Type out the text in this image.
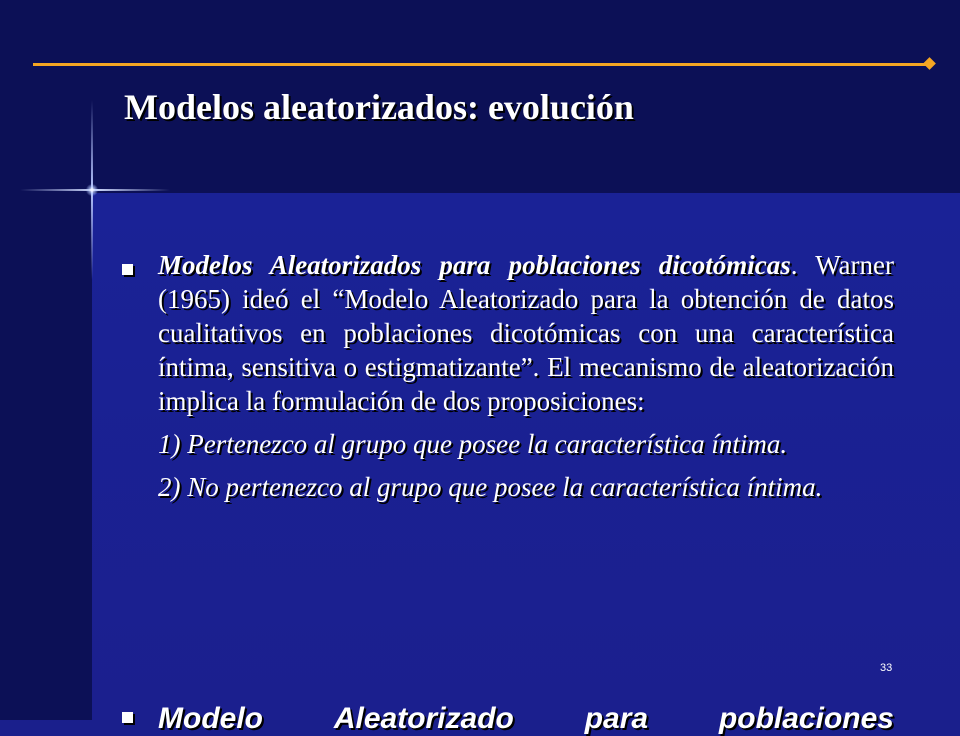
Modelos aleatorizados: evolución

Modelos Aleatorizados para poblaciones dicotómicas. Warner (1965) ideó el “Modelo Aleatorizado para la obtención de datos cualitativos en poblaciones dicotómicas con una característica íntima, sensitiva o estigmatizante”. El mecanismo de aleatorización implica la formulación de dos proposiciones:

1) Pertenezco al grupo que posee la característica íntima.

2) No pertenezco al grupo que posee la característica íntima.

33
Modelo Aleatorizado para poblaciones
